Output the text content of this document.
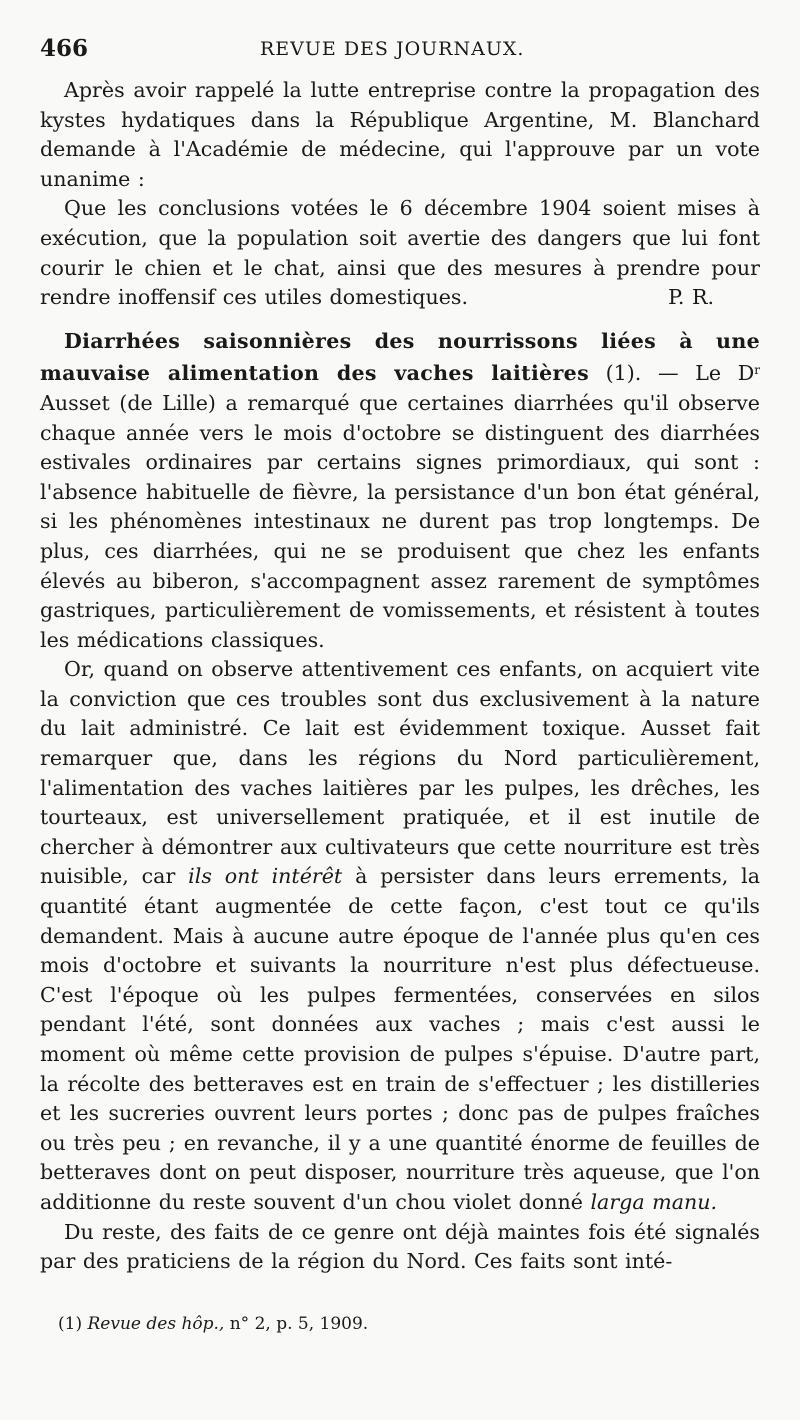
466	REVUE DES JOURNAUX.

Après avoir rappelé la lutte entreprise contre la propagation des kystes hydatiques dans la République Argentine, M. Blanchard demande à l'Académie de médecine, qui l'approuve par un vote unanime :

Que les conclusions votées le 6 décembre 1904 soient mises à exécution, que la population soit avertie des dangers que lui font courir le chien et le chat, ainsi que des mesures à prendre pour rendre inoffensif ces utiles domestiques.	P. R.

Diarrhées saisonnières des nourrissons liées à une mauvaise alimentation des vaches laitières (1). — Le $D^r$ Ausset (de Lille) a remarqué que certaines diarrhées qu'il observe chaque année vers le mois d'octobre se distinguent des diarrhées estivales ordinaires par certains signes primordiaux, qui sont : l'absence habituelle de fièvre, la persistance d'un bon état général, si les phénomènes intestinaux ne durent pas trop longtemps. De plus, ces diarrhées, qui ne se produisent que chez les enfants élevés au biberon, s'accompagnent assez rarement de symptômes gastriques, particulièrement de vomissements, et résistent à toutes les médications classiques.

Or, quand on observe attentivement ces enfants, on acquiert vite la conviction que ces troubles sont dus exclusivement à la nature du lait administré. Ce lait est évidemment toxique. Ausset fait remarquer que, dans les régions du Nord particulièrement, l'alimentation des vaches laitières par les pulpes, les drêches, les tourteaux, est universellement pratiquée, et il est inutile de chercher à démontrer aux cultivateurs que cette nourriture est très nuisible, car ils ont intérêt à persister dans leurs errements, la quantité étant augmentée de cette façon, c'est tout ce qu'ils demandent. Mais à aucune autre époque de l'année plus qu'en ces mois d'octobre et suivants la nourriture n'est plus défectueuse. C'est l'époque où les pulpes fermentées, conservées en silos pendant l'été, sont données aux vaches ; mais c'est aussi le moment où même cette provision de pulpes s'épuise. D'autre part, la récolte des betteraves est en train de s'effectuer ; les distilleries et les sucreries ouvrent leurs portes ; donc pas de pulpes fraîches ou très peu ; en revanche, il y a une quantité énorme de feuilles de betteraves dont on peut disposer, nourriture très aqueuse, que l'on additionne du reste souvent d'un chou violet donné larga manu.

Du reste, des faits de ce genre ont déjà maintes fois été signalés par des praticiens de la région du Nord. Ces faits sont inté-

(1) Revue des hôp., n° 2, p. 5, 1909.
